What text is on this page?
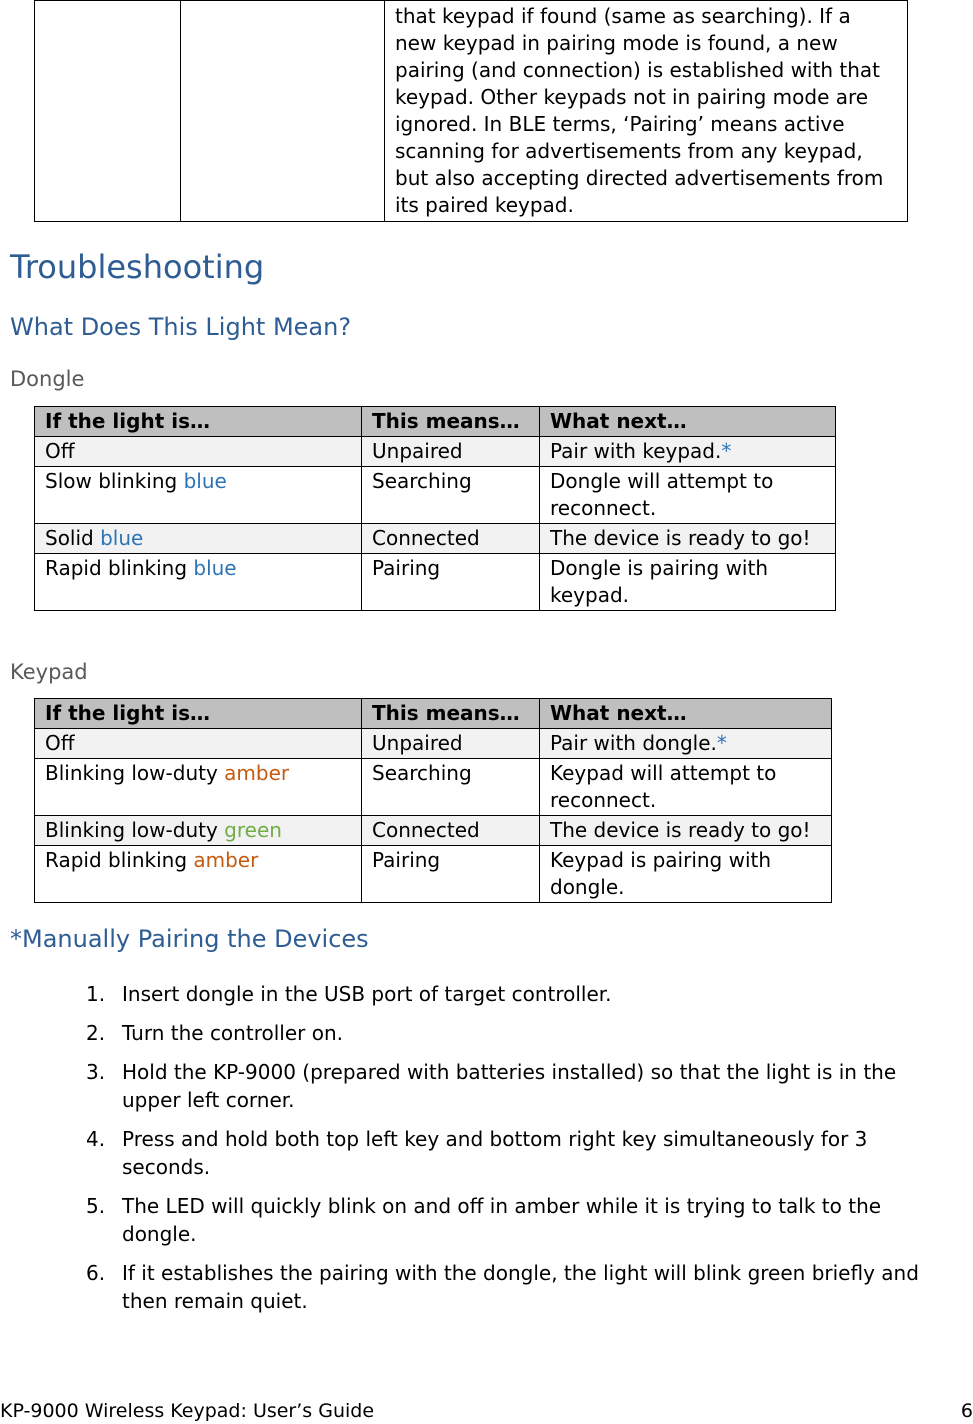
		that keypad if found (same as searching). If a new keypad in pairing mode is found, a new pairing (and connection) is established with that keypad. Other keypads not in pairing mode are ignored. In BLE terms, ‘Pairing’ means active scanning for advertisements from any keypad, but also accepting directed advertisements from its paired keypad.
Troubleshooting
What Does This Light Mean?
Dongle
If the light is…	This means…	What next…
Off	Unpaired	Pair with keypad.*
Slow blinking blue	Searching	Dongle will attempt to reconnect.
Solid blue	Connected	The device is ready to go!
Rapid blinking blue	Pairing	Dongle is pairing with keypad.
Keypad
If the light is…	This means…	What next…
Off	Unpaired	Pair with dongle.*
Blinking low-duty amber	Searching	Keypad will attempt to reconnect.
Blinking low-duty green	Connected	The device is ready to go!
Rapid blinking amber	Pairing	Keypad is pairing with dongle.
*Manually Pairing the Devices
1. Insert dongle in the USB port of target controller.
2. Turn the controller on.
3. Hold the KP-9000 (prepared with batteries installed) so that the light is in the upper left corner.
4. Press and hold both top left key and bottom right key simultaneously for 3 seconds.
5. The LED will quickly blink on and off in amber while it is trying to talk to the dongle.
6. If it establishes the pairing with the dongle, the light will blink green briefly and then remain quiet.
KP-9000 Wireless Keypad: User’s Guide	6
